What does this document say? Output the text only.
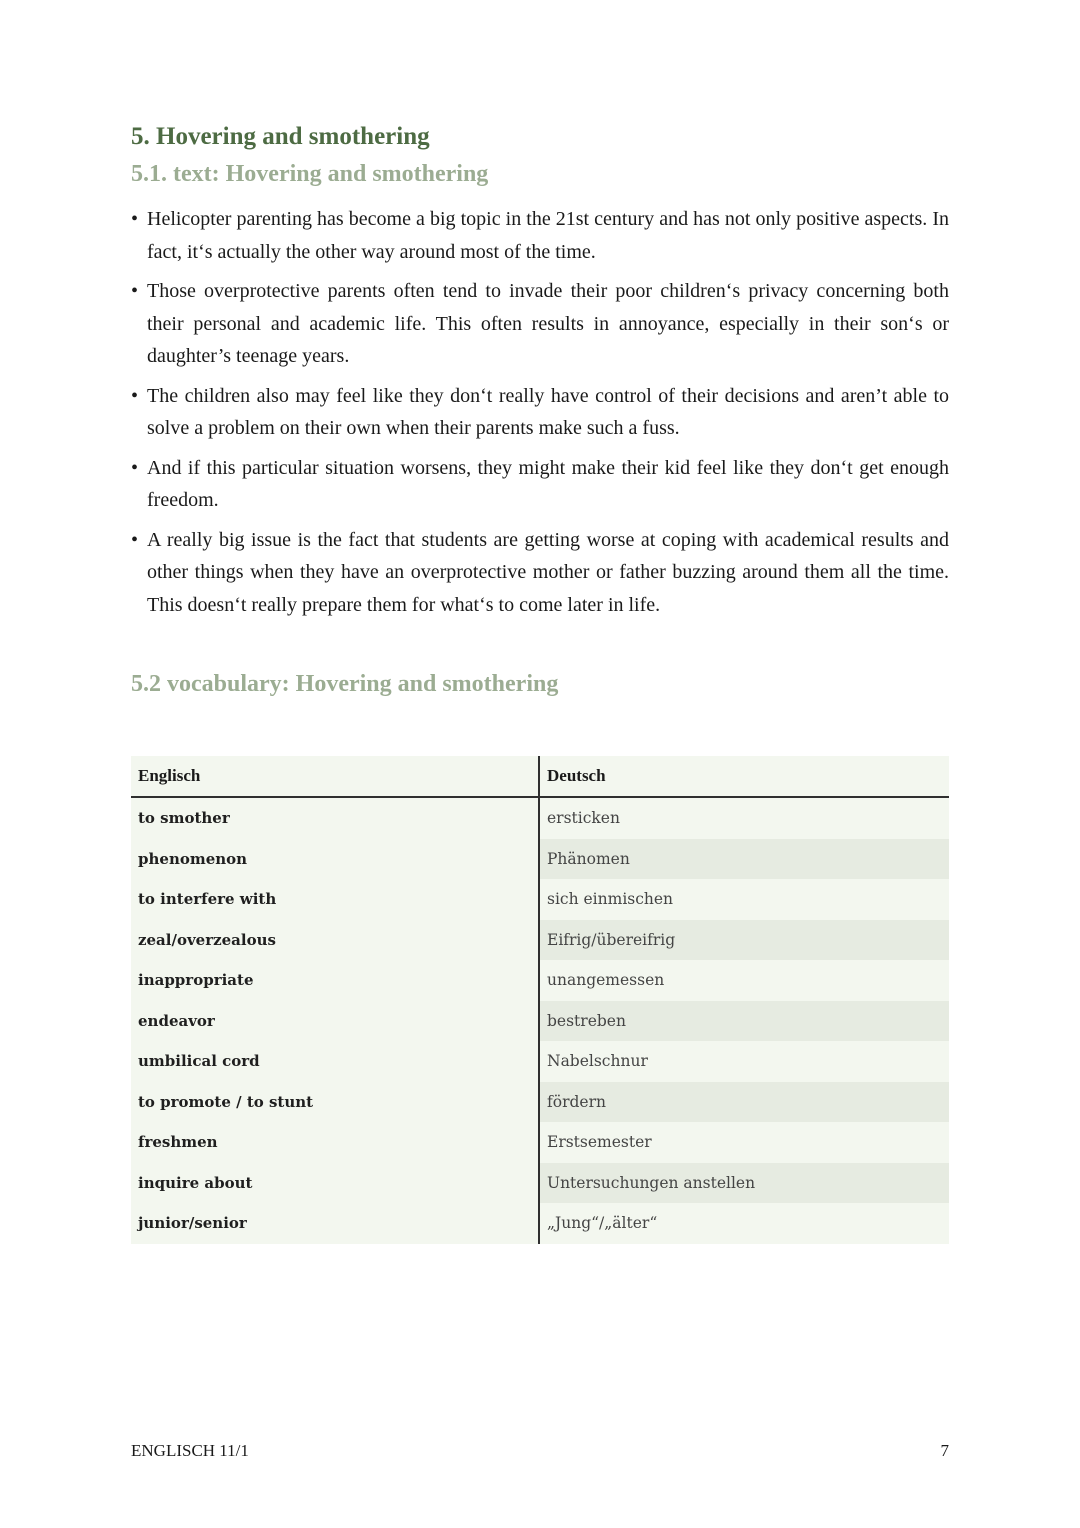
5. Hovering and smothering
5.1. text: Hovering and smothering
• Helicopter parenting has become a big topic in the 21st century and has not only positive aspects. In fact, it‘s actually the other way around most of the time.
• Those overprotective parents often tend to invade their poor children‘s privacy concerning both their personal and academic life. This often results in annoyance, especially in their son‘s or daughter’s teenage years.
• The children also may feel like they don‘t really have control of their decisions and aren’t able to solve a problem on their own when their parents make such a fuss.
• And if this particular situation worsens, they might make their kid feel like they don‘t get enough freedom.
• A really big issue is the fact that students are getting worse at coping with academical results and other things when they have an overprotective mother or father buzzing around them all the time. This doesn‘t really prepare them for what‘s to come later in life.
5.2 vocabulary: Hovering and smothering
Englisch	Deutsch
to smother	ersticken
phenomenon	Phänomen
to interfere with	sich einmischen
zeal/overzealous	Eifrig/übereifrig
inappropriate	unangemessen
endeavor	bestreben
umbilical cord	Nabelschnur
to promote / to stunt	fördern
freshmen	Erstsemester
inquire about	Untersuchungen anstellen
junior/senior	„Jung“/„älter“
ENGLISCH 11/1	7
